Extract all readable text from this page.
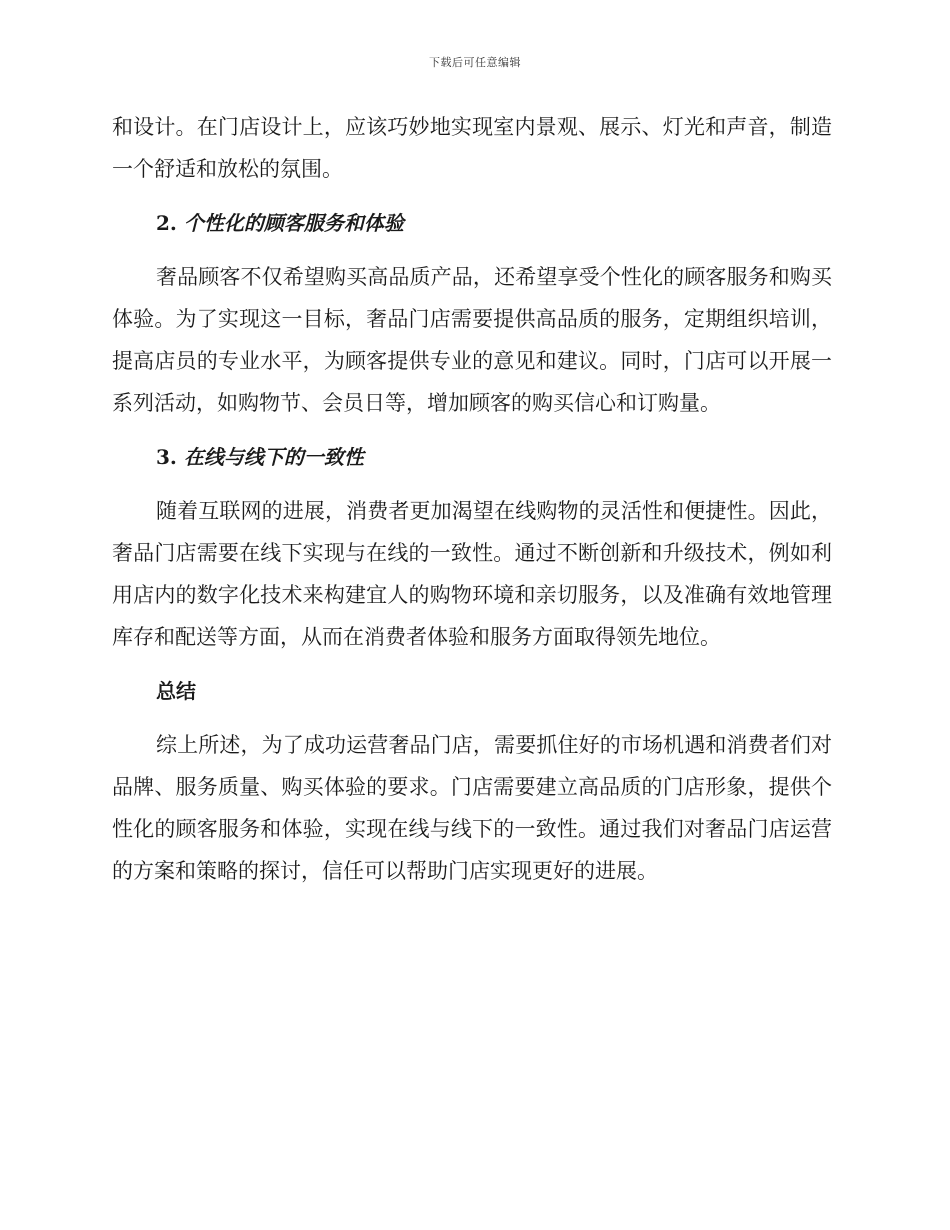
下载后可任意编辑

和设计。在门店设计上，应该巧妙地实现室内景观、展示、灯光和声音，制造一个舒适和放松的氛围。

2. 个性化的顾客服务和体验

奢品顾客不仅希望购买高品质产品，还希望享受个性化的顾客服务和购买体验。为了实现这一目标，奢品门店需要提供高品质的服务，定期组织培训，提高店员的专业水平，为顾客提供专业的意见和建议。同时，门店可以开展一系列活动，如购物节、会员日等，增加顾客的购买信心和订购量。

3. 在线与线下的一致性

随着互联网的进展，消费者更加渴望在线购物的灵活性和便捷性。因此，奢品门店需要在线下实现与在线的一致性。通过不断创新和升级技术，例如利用店内的数字化技术来构建宜人的购物环境和亲切服务，以及准确有效地管理库存和配送等方面，从而在消费者体验和服务方面取得领先地位。

总结

综上所述，为了成功运营奢品门店，需要抓住好的市场机遇和消费者们对品牌、服务质量、购买体验的要求。门店需要建立高品质的门店形象，提供个性化的顾客服务和体验，实现在线与线下的一致性。通过我们对奢品门店运营的方案和策略的探讨，信任可以帮助门店实现更好的进展。
